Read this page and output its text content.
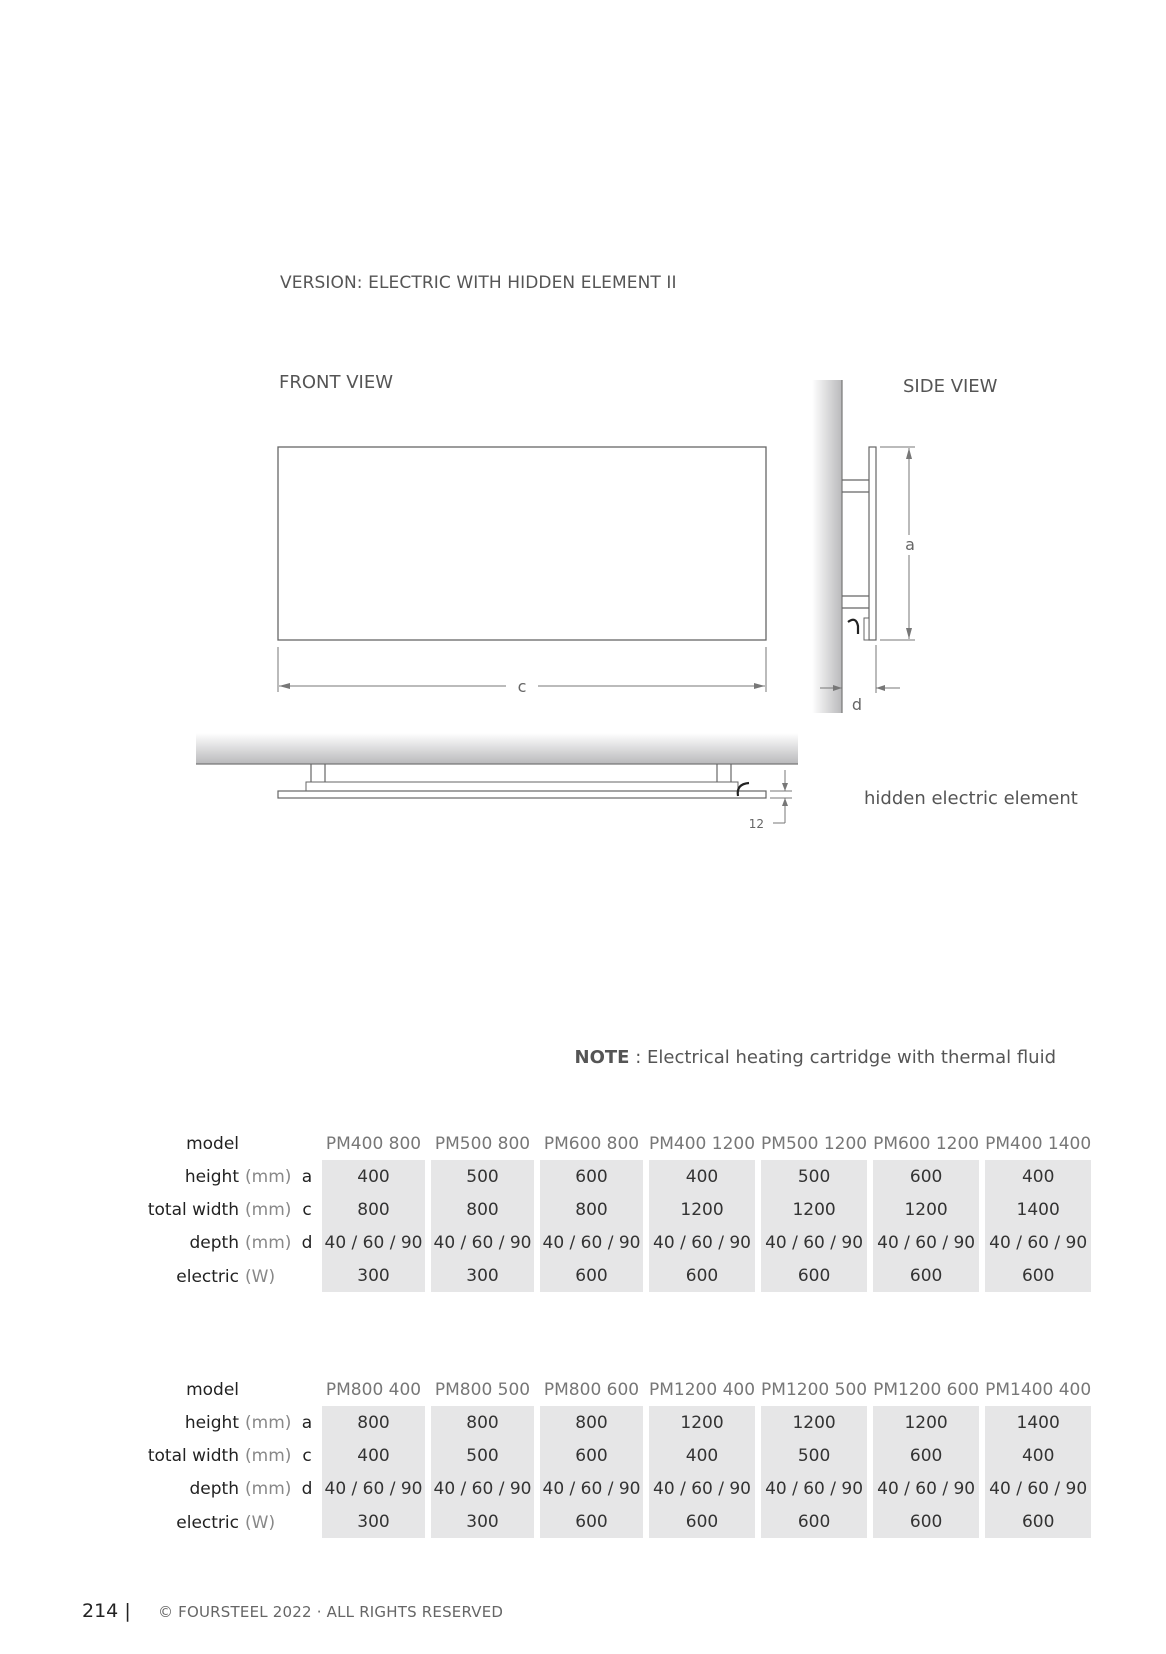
VERSION: ELECTRIC WITH HIDDEN ELEMENT II
FRONT VIEW	SIDE VIEW
hidden electric element
c
a
d
12
NOTE : Electrical heating cartridge with thermal fluid
model			PM400 800	PM500 800	PM600 800	PM400 1200	PM500 1200	PM600 1200	PM400 1400
height	(mm)	a	400	500	600	400	500	600	400
total width	(mm)	c	800	800	800	1200	1200	1200	1400
depth	(mm)	d	40 / 60 / 90	40 / 60 / 90	40 / 60 / 90	40 / 60 / 90	40 / 60 / 90	40 / 60 / 90	40 / 60 / 90
electric	(W)		300	300	600	600	600	600	600
model			PM800 400	PM800 500	PM800 600	PM1200 400	PM1200 500	PM1200 600	PM1400 400
height	(mm)	a	800	800	800	1200	1200	1200	1400
total width	(mm)	c	400	500	600	400	500	600	400
depth	(mm)	d	40 / 60 / 90	40 / 60 / 90	40 / 60 / 90	40 / 60 / 90	40 / 60 / 90	40 / 60 / 90	40 / 60 / 90
electric	(W)		300	300	600	600	600	600	600
214 | © FOURSTEEL 2022 · ALL RIGHTS RESERVED
